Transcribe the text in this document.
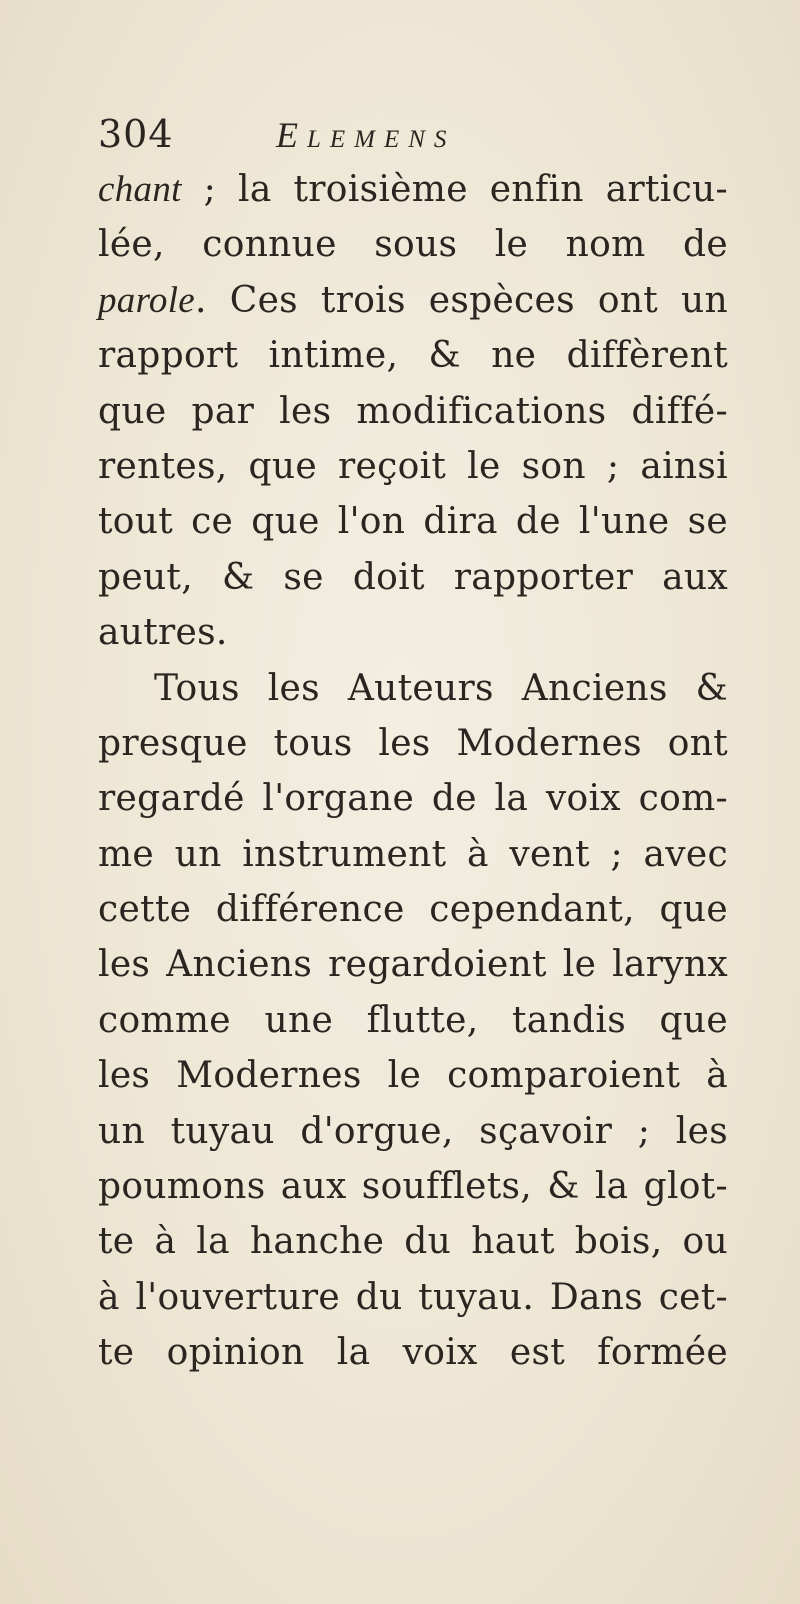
304	Elemens
chant ; la troisième enfin articu-
lée, connue sous le nom de
parole. Ces trois espèces ont un
rapport intime, & ne diffèrent
que par les modifications diffé-
rentes, que reçoit le son ; ainsi
tout ce que l'on dira de l'une se
peut, & se doit rapporter aux
autres.
Tous les Auteurs Anciens &
presque tous les Modernes ont
regardé l'organe de la voix com-
me un instrument à vent ; avec
cette différence cependant, que
les Anciens regardoient le larynx
comme une flutte, tandis que
les Modernes le comparoient à
un tuyau d'orgue, sçavoir ; les
poumons aux soufflets, & la glot-
te à la hanche du haut bois, ou
à l'ouverture du tuyau. Dans cet-
te opinion la voix est formée
